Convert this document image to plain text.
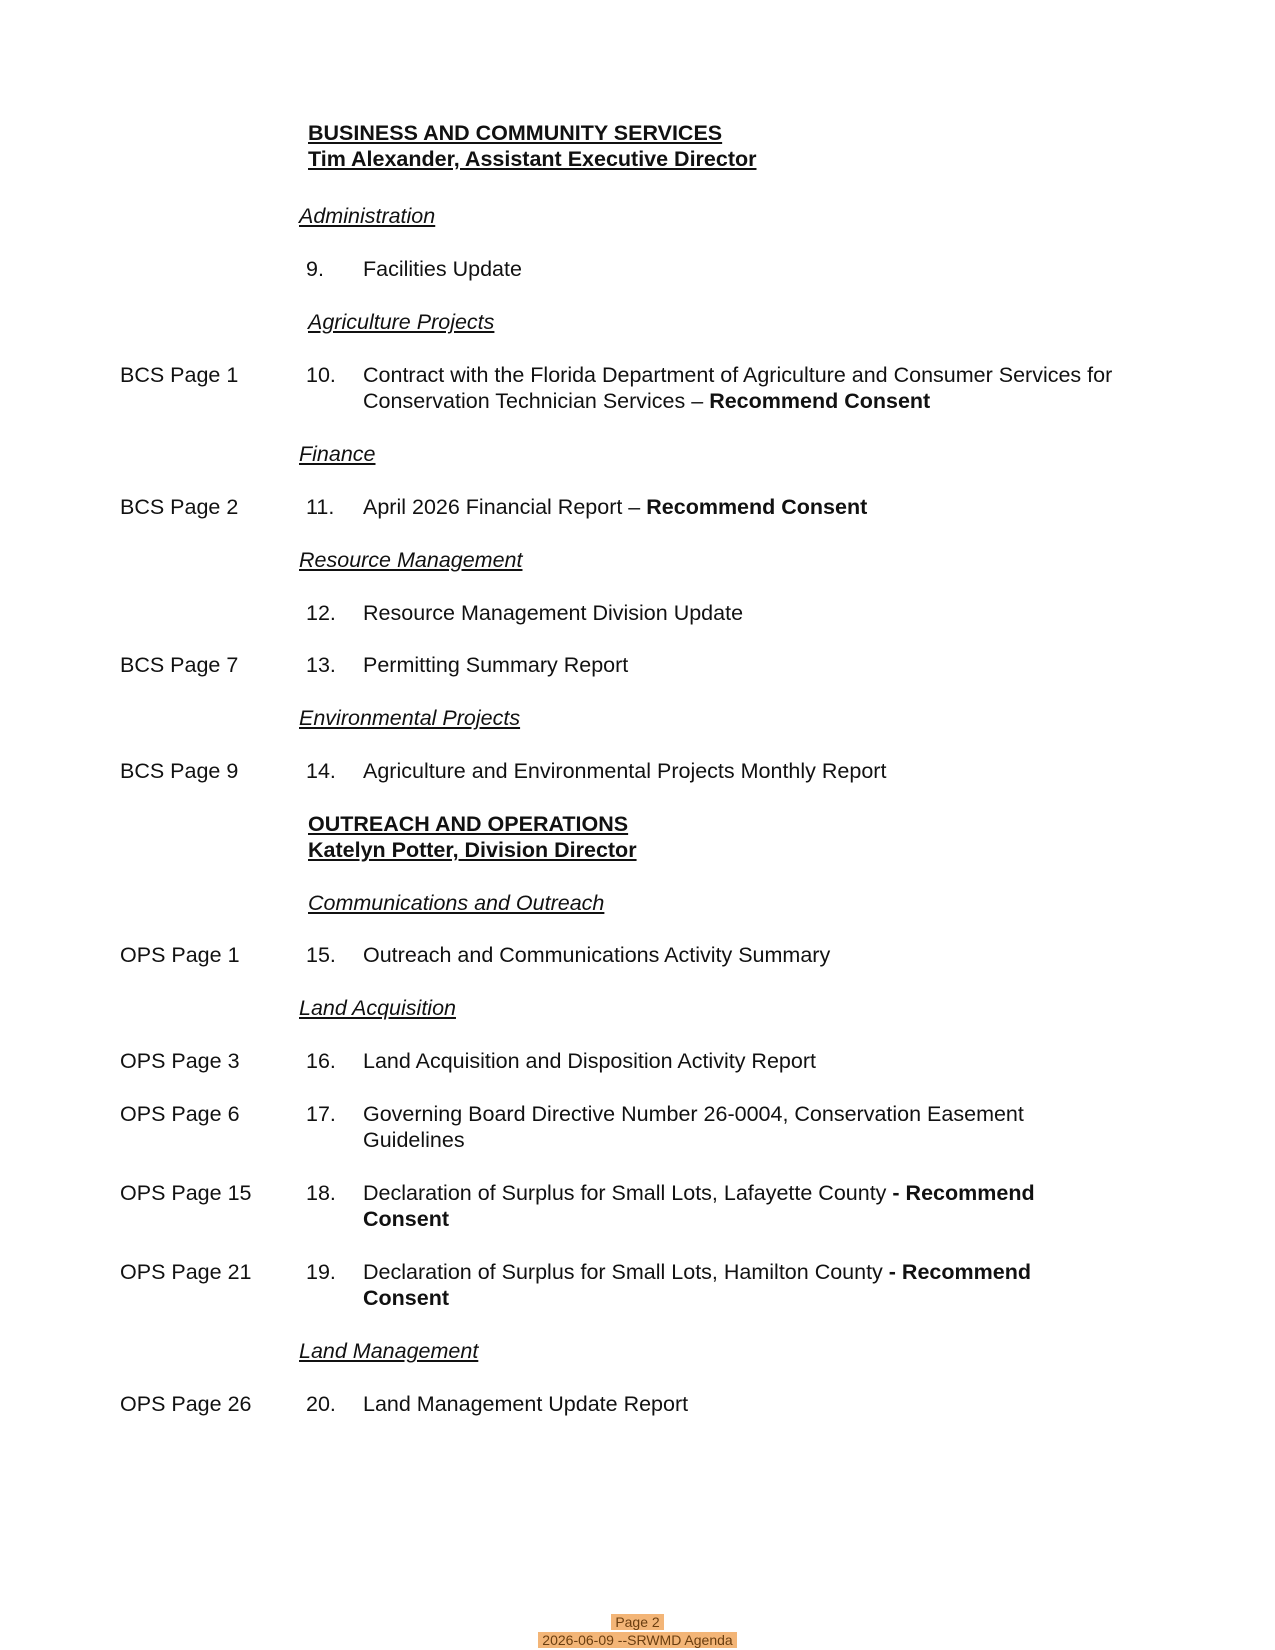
BUSINESS AND COMMUNITY SERVICES
Tim Alexander, Assistant Executive Director
Administration
9. Facilities Update
Agriculture Projects
BCS Page 1	10. Contract with the Florida Department of Agriculture and Consumer Services for Conservation Technician Services – Recommend Consent
Finance
BCS Page 2	11. April 2026 Financial Report – Recommend Consent
Resource Management
12. Resource Management Division Update
BCS Page 7	13. Permitting Summary Report
Environmental Projects
BCS Page 9	14. Agriculture and Environmental Projects Monthly Report
OUTREACH AND OPERATIONS
Katelyn Potter, Division Director
Communications and Outreach
OPS Page 1	15. Outreach and Communications Activity Summary
Land Acquisition
OPS Page 3	16. Land Acquisition and Disposition Activity Report
OPS Page 6	17. Governing Board Directive Number 26-0004, Conservation Easement Guidelines
OPS Page 15	18. Declaration of Surplus for Small Lots, Lafayette County - Recommend Consent
OPS Page 21	19. Declaration of Surplus for Small Lots, Hamilton County - Recommend Consent
Land Management
OPS Page 26	20. Land Management Update Report
Page 2
2026-06-09 --SRWMD Agenda
